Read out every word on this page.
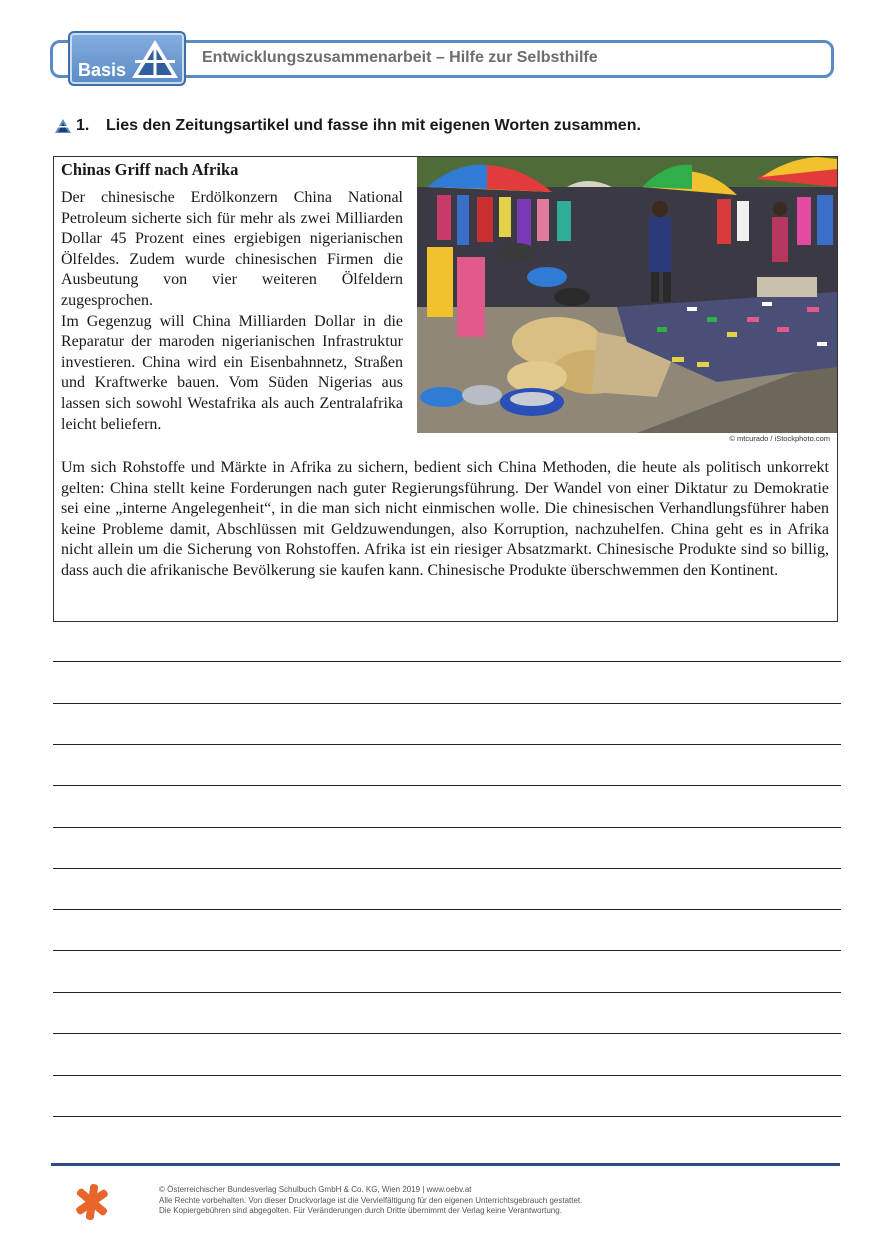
Basis
Entwicklungszusammenarbeit – Hilfe zur Selbsthilfe
1.	Lies den Zeitungsartikel und fasse ihn mit eigenen Worten zusammen.
Chinas Griff nach Afrika

Der chinesische Erdölkonzern China National Petroleum sicherte sich für mehr als zwei Milliarden Dollar 45 Prozent eines ergiebigen nigerianischen Ölfeldes. Zudem wurde chinesischen Firmen die Ausbeutung von vier weiteren Ölfeldern zugesprochen.

Im Gegenzug will China Milliarden Dollar in die Reparatur der maroden nigerianischen Infrastruktur investieren. China wird ein Eisenbahnnetz, Straßen und Kraftwerke bauen. Vom Süden Nigerias aus lassen sich sowohl Westafrika als auch Zentralafrika leicht beliefern.

Um sich Rohstoffe und Märkte in Afrika zu sichern, bedient sich China Methoden, die heute als politisch unkorrekt gelten: China stellt keine Forderungen nach guter Regierungsführung. Der Wandel von einer Diktatur zu Demokratie sei eine „interne Angelegenheit“, in die man sich nicht einmischen wolle. Die chinesischen Verhandlungsführer haben keine Probleme damit, Abschlüssen mit Geldzuwendungen, also Korruption, nachzuhelfen. China geht es in Afrika nicht allein um die Sicherung von Rohstoffen. Afrika ist ein riesiger Absatzmarkt. Chinesische Produkte sind so billig, dass auch die afrikanische Bevölkerung sie kaufen kann. Chinesische Produkte überschwemmen den Kontinent.
© mtcurado / iStockphoto.com
© Österreichischer Bundesverlag Schulbuch GmbH & Co. KG, Wien 2019 | www.oebv.at
Alle Rechte vorbehalten. Von dieser Druckvorlage ist die Vervielfältigung für den eigenen Unterrichtsgebrauch gestattet.
Die Kopiergebühren sind abgegolten. Für Veränderungen durch Dritte übernimmt der Verlag keine Verantwortung.
